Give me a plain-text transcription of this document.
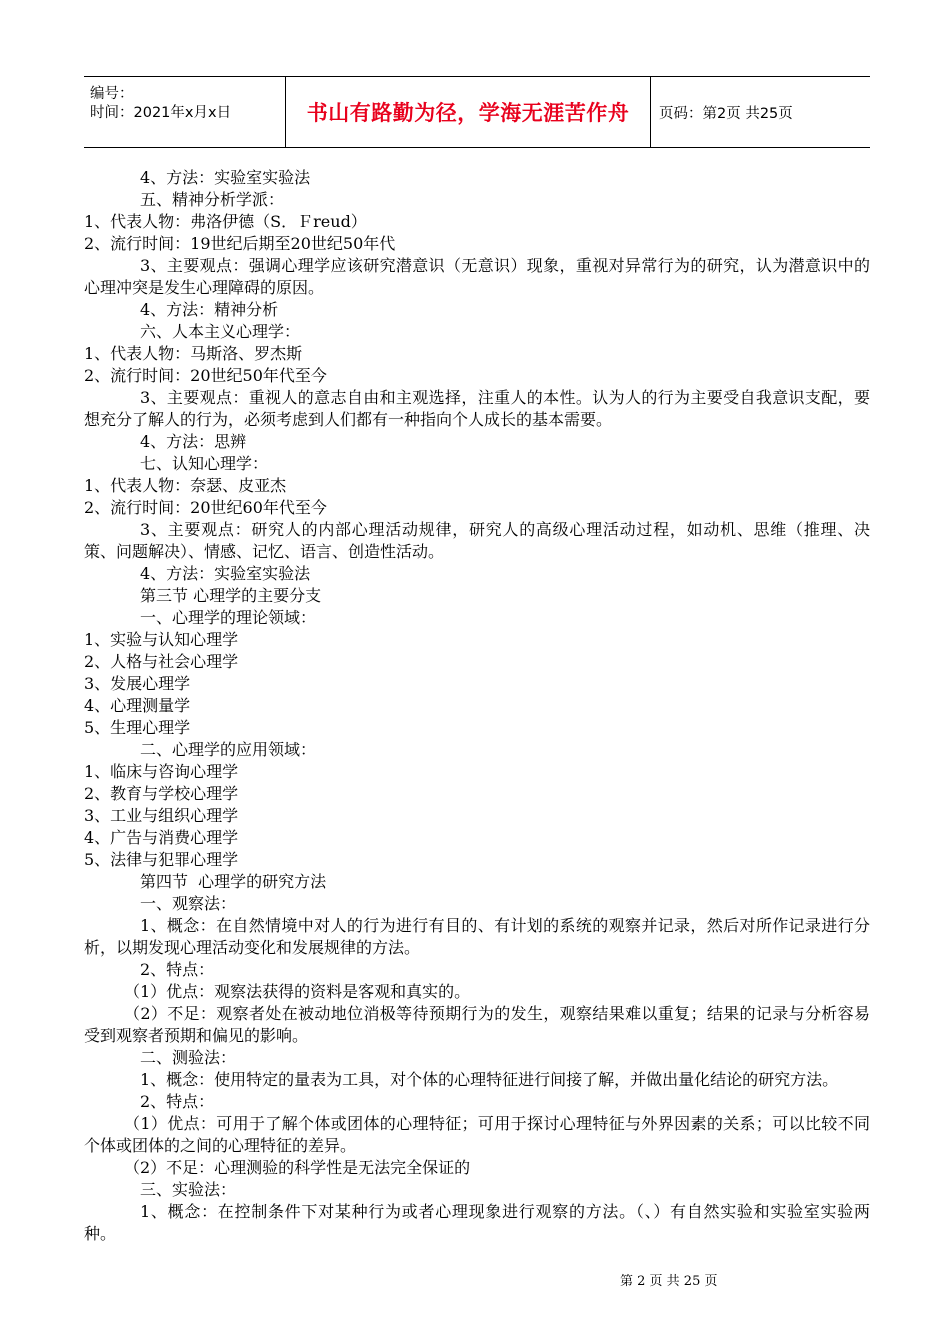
编号：
时间：2021年x月x日	书山有路勤为径，学海无涯苦作舟	页码：第2页 共25页

4、方法：实验室实验法

五、精神分析学派：

1、代表人物：弗洛伊德（S．Ｆreud）

2、流行时间：19世纪后期至20世纪50年代

3、主要观点：强调心理学应该研究潜意识（无意识）现象，重视对异常行为的研究，认为潜意识中的心理冲突是发生心理障碍的原因。

4、方法：精神分析

六、人本主义心理学：

1、代表人物：马斯洛、罗杰斯

2、流行时间：20世纪50年代至今

3、主要观点：重视人的意志自由和主观选择，注重人的本性。认为人的行为主要受自我意识支配，要想充分了解人的行为，必须考虑到人们都有一种指向个人成长的基本需要。

4、方法：思辨

七、认知心理学：

1、代表人物：奈瑟、皮亚杰

2、流行时间：20世纪60年代至今

3、主要观点：研究人的内部心理活动规律，研究人的高级心理活动过程，如动机、思维（推理、决策、问题解决）、情感、记忆、语言、创造性活动。

4、方法：实验室实验法

第三节 心理学的主要分支

一、心理学的理论领域：

1、实验与认知心理学

2、人格与社会心理学

3、发展心理学

4、心理测量学

5、生理心理学

二、心理学的应用领域：

1、临床与咨询心理学

2、教育与学校心理学

3、工业与组织心理学

4、广告与消费心理学

5、法律与犯罪心理学

第四节  心理学的研究方法

一、观察法：

1、概念：在自然情境中对人的行为进行有目的、有计划的系统的观察并记录，然后对所作记录进行分析，以期发现心理活动变化和发展规律的方法。

2、特点：

（1）优点：观察法获得的资料是客观和真实的。

（2）不足：观察者处在被动地位消极等待预期行为的发生，观察结果难以重复；结果的记录与分析容易受到观察者预期和偏见的影响。

二、测验法：

1、概念：使用特定的量表为工具，对个体的心理特征进行间接了解，并做出量化结论的研究方法。

2、特点：

（1）优点：可用于了解个体或团体的心理特征；可用于探讨心理特征与外界因素的关系；可以比较不同个体或团体的之间的心理特征的差异。

（2）不足：心理测验的科学性是无法完全保证的

三、实验法：

1、概念：在控制条件下对某种行为或者心理现象进行观察的方法。（、）有自然实验和实验室实验两种。

第 2 页 共 25 页
